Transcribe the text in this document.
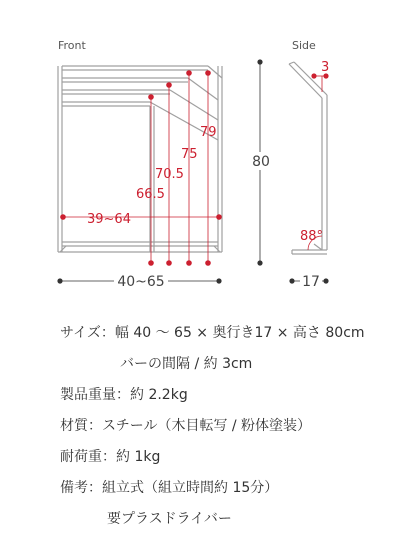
Front
79
75
70.5
66.5
39~64
40~65
80
Side
3
88°
17
サイズ：幅 40 ～ 65 × 奥行き17 × 高さ 80cm
バーの間隔 / 約 3cm
製品重量：約 2.2kg
材質：スチール（木目転写 / 粉体塗装）
耐荷重：約 1kg
備考：組立式（組立時間約 15分）
要プラスドライバー
